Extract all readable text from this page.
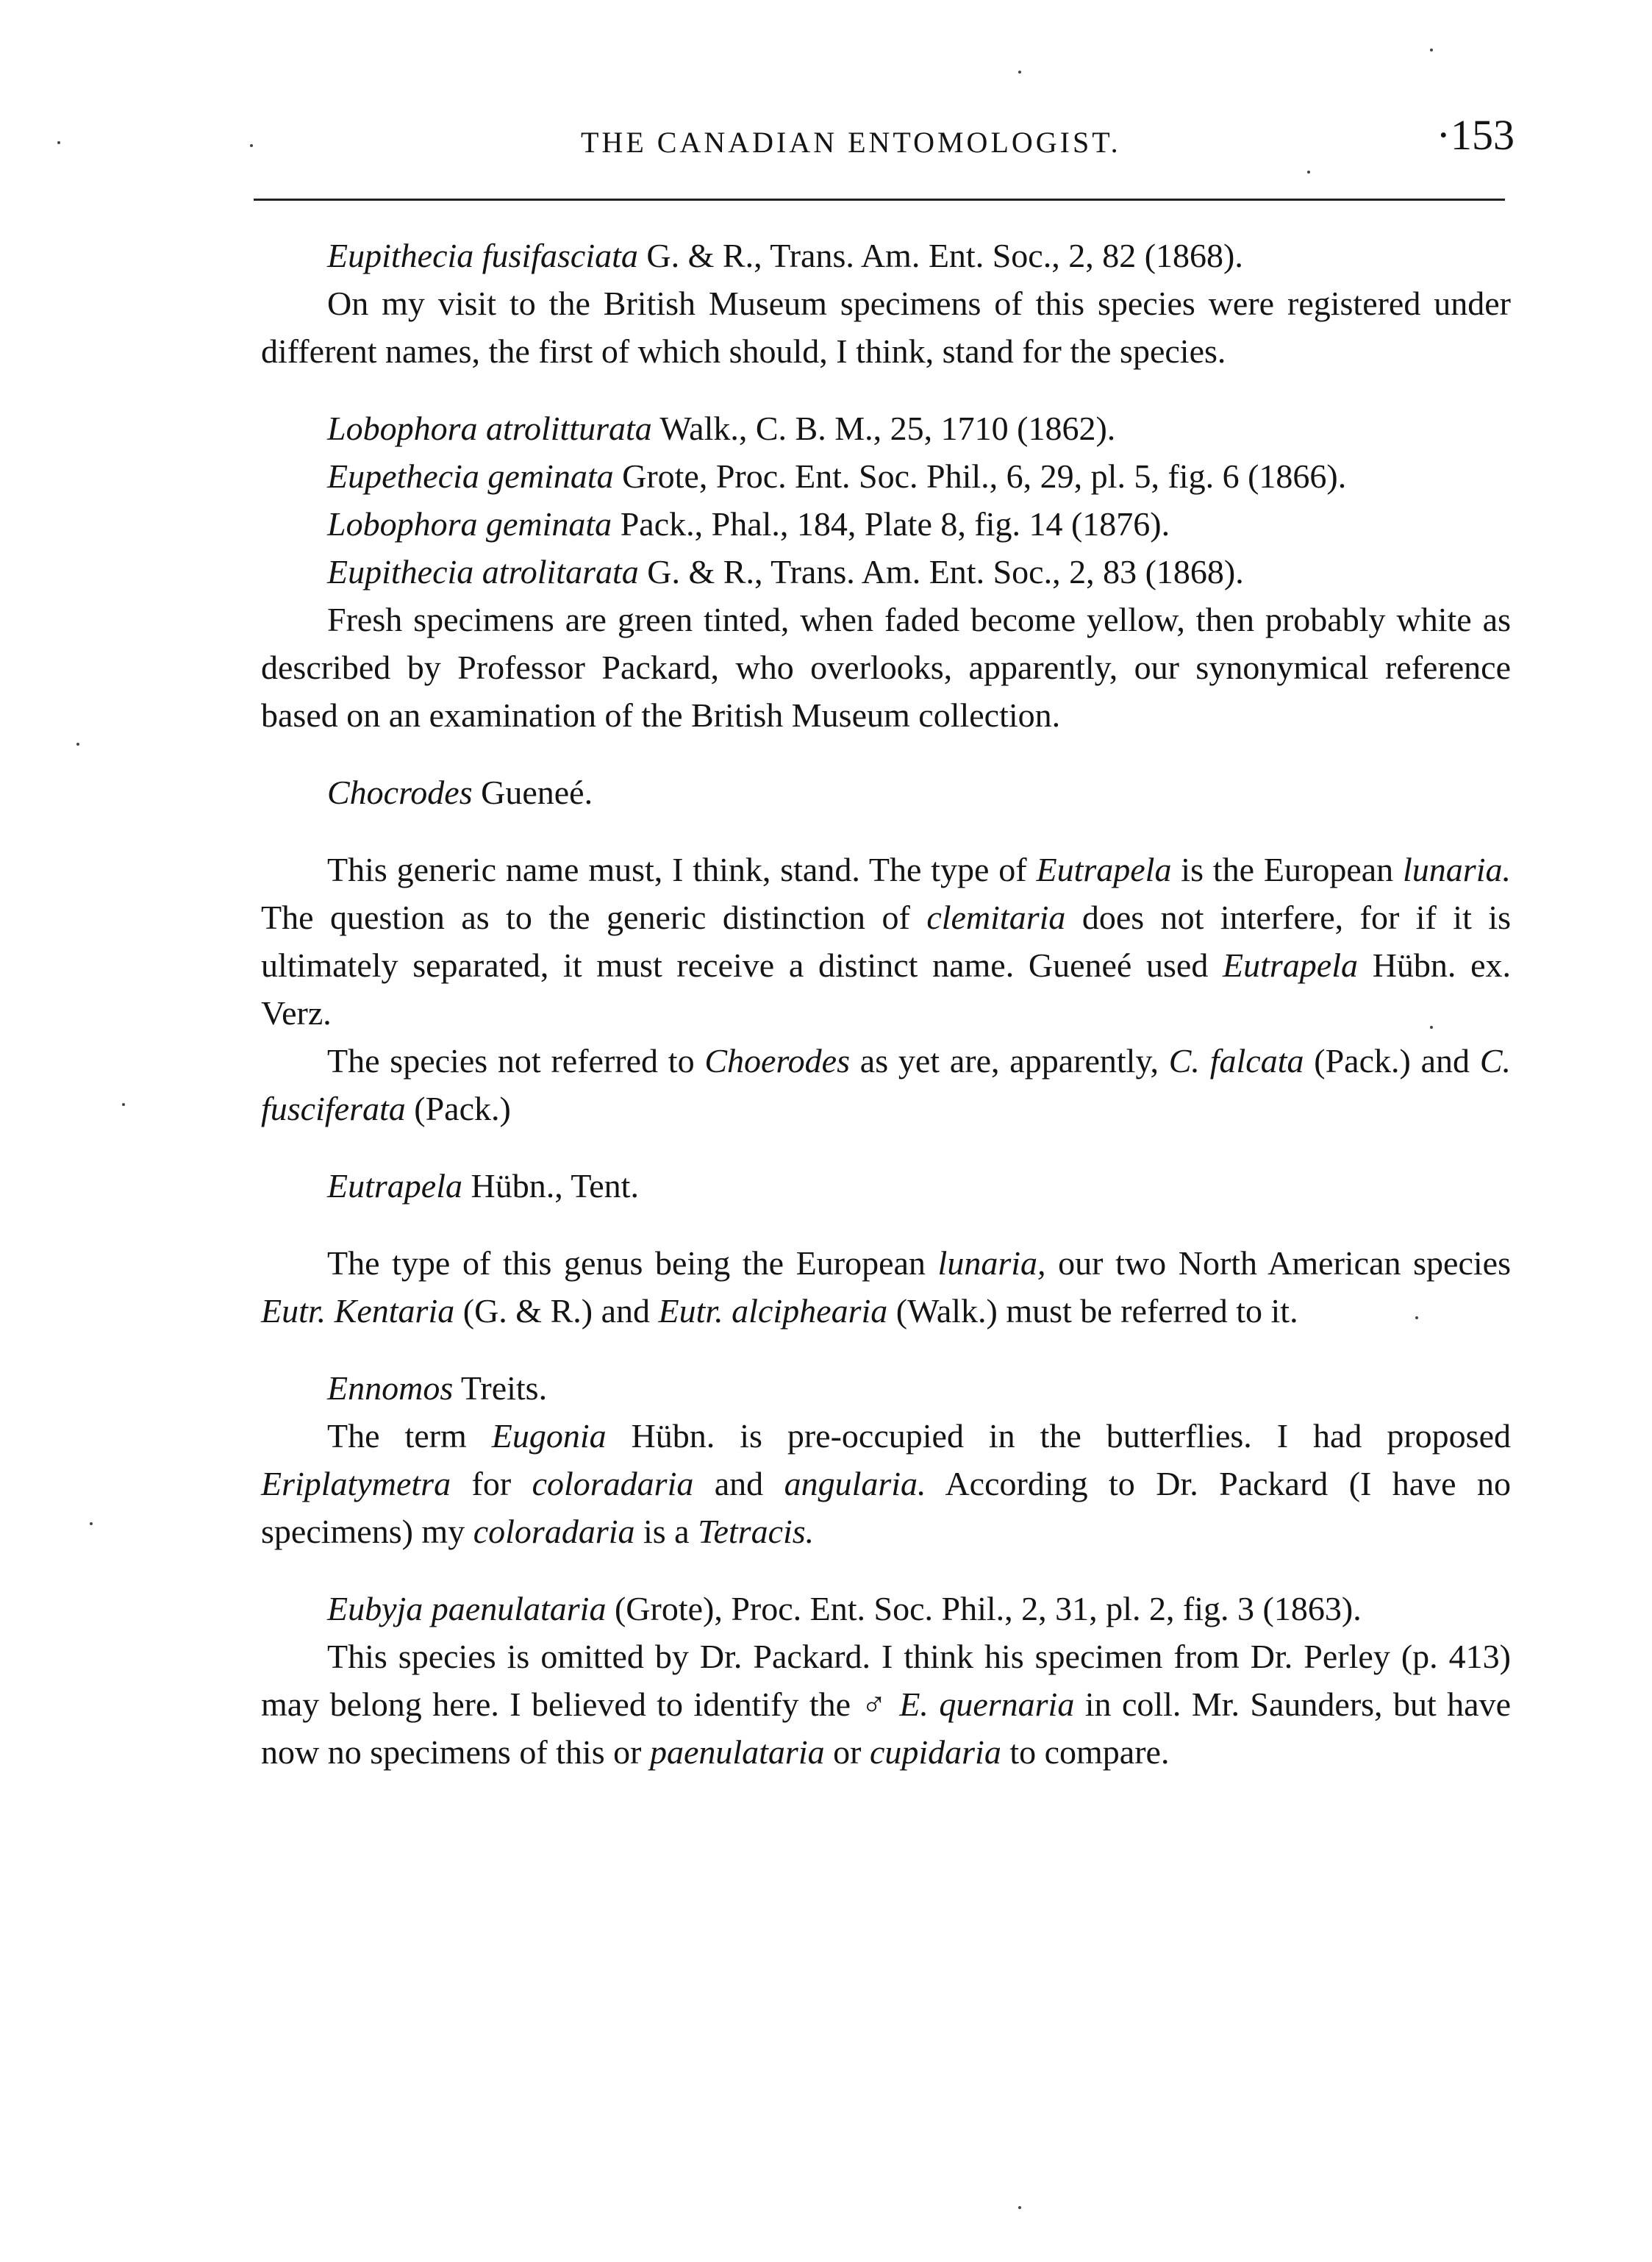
THE CANADIAN ENTOMOLOGIST.	·153

Eupithecia fusifasciata G. & R., Trans. Am. Ent. Soc., 2, 82 (1868).

On my visit to the British Museum specimens of this species were registered under different names, the first of which should, I think, stand for the species.

Lobophora atrolitturata Walk., C. B. M., 25, 1710 (1862).

Eupethecia geminata Grote, Proc. Ent. Soc. Phil., 6, 29, pl. 5, fig. 6 (1866).

Lobophora geminata Pack., Phal., 184, Plate 8, fig. 14 (1876).

Eupithecia atrolitarata G. & R., Trans. Am. Ent. Soc., 2, 83 (1868).

Fresh specimens are green tinted, when faded become yellow, then probably white as described by Professor Packard, who overlooks, apparently, our synonymical reference based on an examination of the British Museum collection.

Chocrodes Gueneé.

This generic name must, I think, stand. The type of Eutrapela is the European lunaria. The question as to the generic distinction of clemitaria does not interfere, for if it is ultimately separated, it must receive a distinct name. Gueneé used Eutrapela Hübn. ex. Verz.

The species not referred to Choerodes as yet are, apparently, C. falcata (Pack.) and C. fusciferata (Pack.)

Eutrapela Hübn., Tent.

The type of this genus being the European lunaria, our two North American species Eutr. Kentaria (G. & R.) and Eutr. alciphearia (Walk.) must be referred to it.

Ennomos Treits.

The term Eugonia Hübn. is pre-occupied in the butterflies. I had proposed Eriplatymetra for coloradaria and angularia. According to Dr. Packard (I have no specimens) my coloradaria is a Tetracis.

Eubyja paenulataria (Grote), Proc. Ent. Soc. Phil., 2, 31, pl. 2, fig. 3 (1863).

This species is omitted by Dr. Packard. I think his specimen from Dr. Perley (p. 413) may belong here. I believed to identify the ♂ E. quernaria in coll. Mr. Saunders, but have now no specimens of this or paenulataria or cupidaria to compare.
